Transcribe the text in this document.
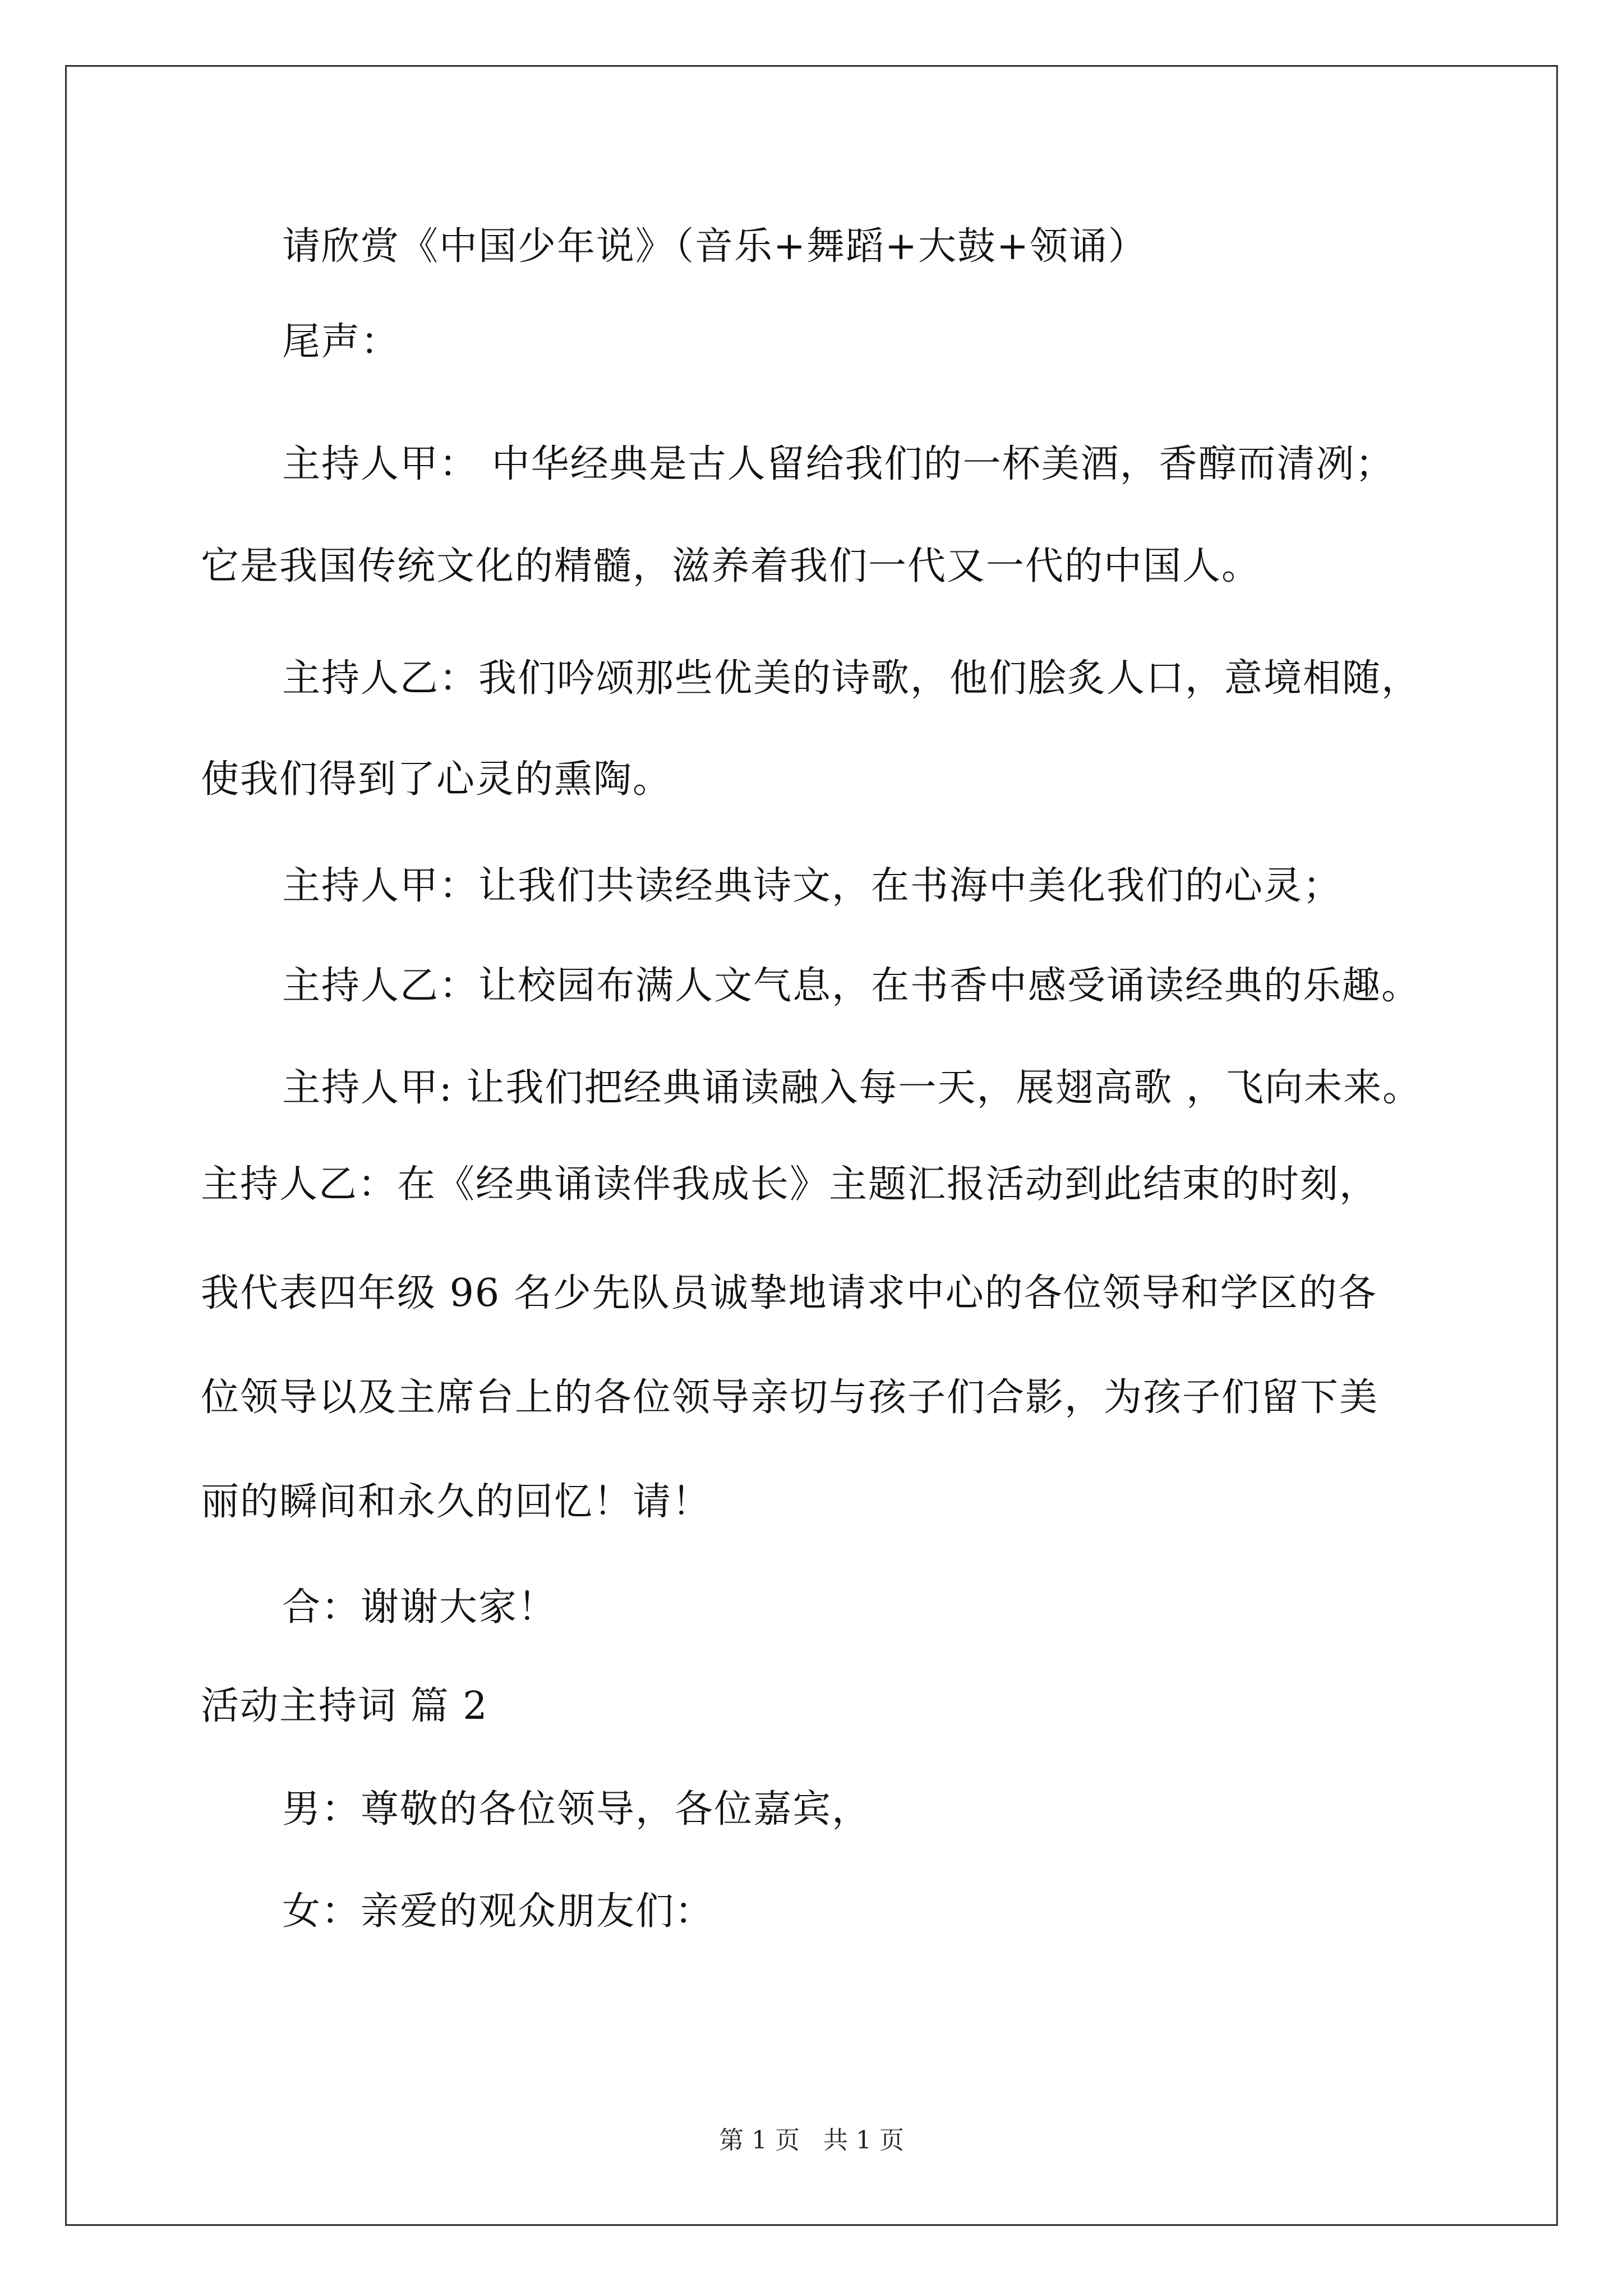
请欣赏《中国少年说》（音乐+舞蹈+大鼓+领诵）
尾声：
主持人甲： 中华经典是古人留给我们的一杯美酒，香醇而清冽；
它是我国传统文化的精髓，滋养着我们一代又一代的中国人。
主持人乙：我们吟颂那些优美的诗歌，他们脍炙人口，意境相随，
使我们得到了心灵的熏陶。
主持人甲：让我们共读经典诗文，在书海中美化我们的心灵；
主持人乙：让校园布满人文气息，在书香中感受诵读经典的乐趣。
主持人甲: 让我们把经典诵读融入每一天，展翅高歌 ，飞向未来。
主持人乙：在《经典诵读伴我成长》主题汇报活动到此结束的时刻，
我代表四年级 96 名少先队员诚挚地请求中心的各位领导和学区的各
位领导以及主席台上的各位领导亲切与孩子们合影，为孩子们留下美
丽的瞬间和永久的回忆！请！
合：谢谢大家！
活动主持词 篇 2
男：尊敬的各位领导，各位嘉宾，
女：亲爱的观众朋友们：
第 1 页   共 1 页
